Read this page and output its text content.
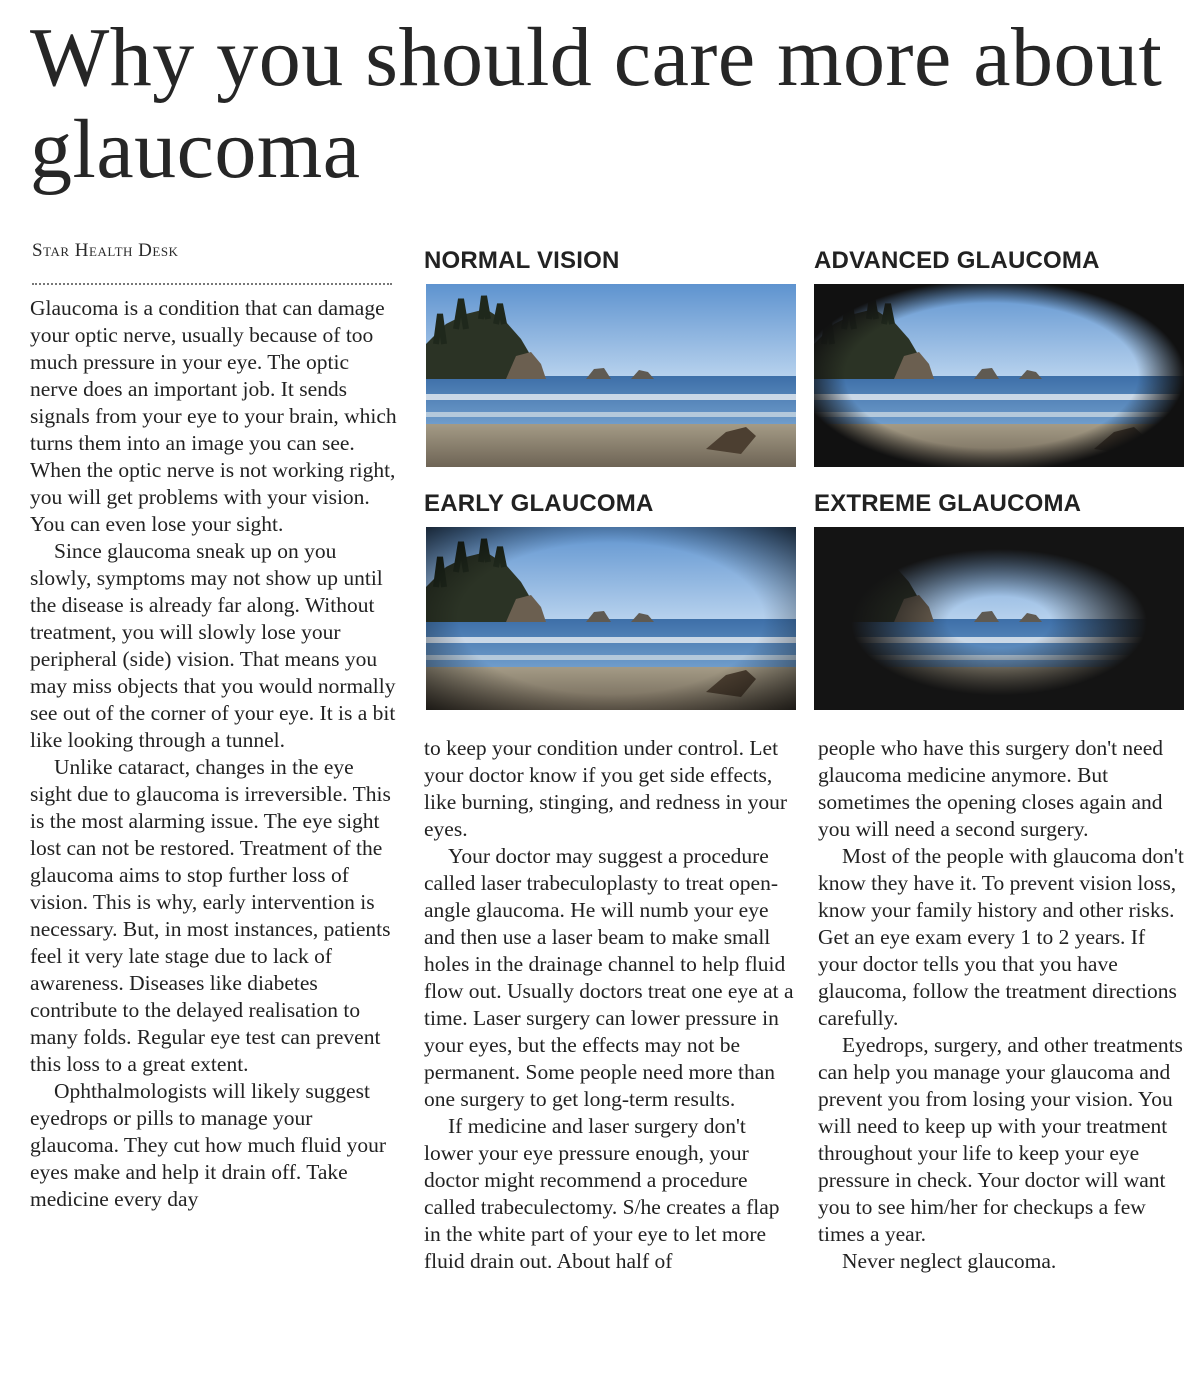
Why you should care more about glaucoma
Star Health Desk

Glaucoma is a condition that can damage your optic nerve, usually because of too much pressure in your eye. The optic nerve does an important job. It sends signals from your eye to your brain, which turns them into an image you can see. When the optic nerve is not working right, you will get problems with your vision. You can even lose your sight.

Since glaucoma sneak up on you slowly, symptoms may not show up until the disease is already far along. Without treatment, you will slowly lose your peripheral (side) vision. That means you may miss objects that you would normally see out of the corner of your eye. It is a bit like looking through a tunnel.

Unlike cataract, changes in the eye sight due to glaucoma is irreversible. This is the most alarming issue. The eye sight lost can not be restored. Treatment of the glaucoma aims to stop further loss of vision. This is why, early intervention is necessary. But, in most instances, patients feel it very late stage due to lack of awareness. Diseases like diabetes contribute to the delayed realisation to many folds. Regular eye test can prevent this loss to a great extent.

Ophthalmologists will likely suggest eyedrops or pills to manage your glaucoma. They cut how much fluid your eyes make and help it drain off. Take medicine every day

NORMAL VISION	ADVANCED GLAUCOMA
EARLY GLAUCOMA	EXTREME GLAUCOMA

to keep your condition under control. Let your doctor know if you get side effects, like burning, stinging, and redness in your eyes.

Your doctor may suggest a procedure called laser trabeculoplasty to treat open-angle glaucoma. He will numb your eye and then use a laser beam to make small holes in the drainage channel to help fluid flow out. Usually doctors treat one eye at a time. Laser surgery can lower pressure in your eyes, but the effects may not be permanent. Some people need more than one surgery to get long-term results.

If medicine and laser surgery don't lower your eye pressure enough, your doctor might recommend a procedure called trabeculectomy. S/he creates a flap in the white part of your eye to let more fluid drain out. About half of

people who have this surgery don't need glaucoma medicine anymore. But sometimes the opening closes again and you will need a second surgery.

Most of the people with glaucoma don't know they have it. To prevent vision loss, know your family history and other risks. Get an eye exam every 1 to 2 years. If your doctor tells you that you have glaucoma, follow the treatment directions carefully.

Eyedrops, surgery, and other treatments can help you manage your glaucoma and prevent you from losing your vision. You will need to keep up with your treatment throughout your life to keep your eye pressure in check. Your doctor will want you to see him/her for checkups a few times a year.

Never neglect glaucoma.
